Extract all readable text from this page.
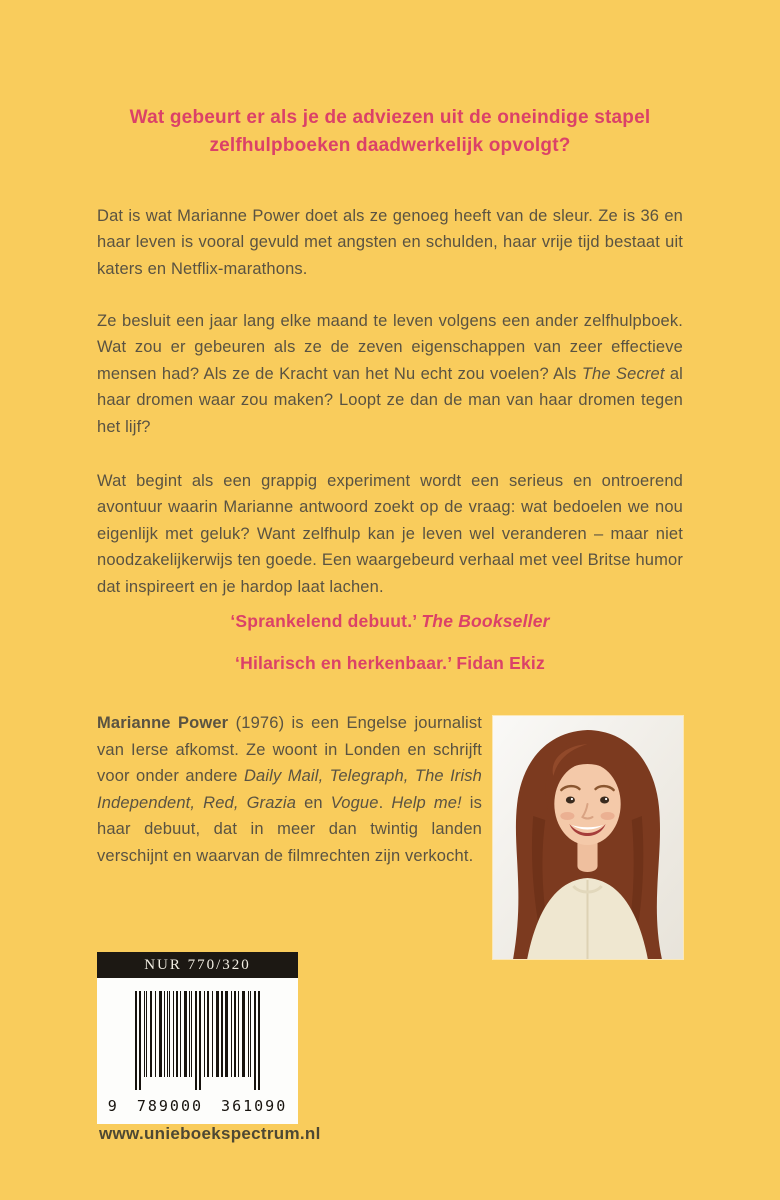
Wat gebeurt er als je de adviezen uit de oneindige stapel
zelfhulpboeken daadwerkelijk opvolgt?

Dat is wat Marianne Power doet als ze genoeg heeft van de sleur. Ze is 36 en haar leven is vooral gevuld met angsten en schulden, haar vrije tijd bestaat uit katers en Netflix-marathons.

Ze besluit een jaar lang elke maand te leven volgens een ander zelfhulpboek. Wat zou er gebeuren als ze de zeven eigenschappen van zeer effectieve mensen had? Als ze de Kracht van het Nu echt zou voelen? Als The Secret al haar dromen waar zou maken? Loopt ze dan de man van haar dromen tegen het lijf?

Wat begint als een grappig experiment wordt een serieus en ontroerend avontuur waarin Marianne antwoord zoekt op de vraag: wat bedoelen we nou eigenlijk met geluk? Want zelfhulp kan je leven wel veranderen – maar niet noodzakelijkerwijs ten goede. Een waargebeurd verhaal met veel Britse humor dat inspireert en je hardop laat lachen.

‘Sprankelend debuut.’ The Bookseller

‘Hilarisch en herkenbaar.’ Fidan Ekiz

Marianne Power (1976) is een Engelse journalist van Ierse afkomst. Ze woont in Londen en schrijft voor onder andere Daily Mail, Telegraph, The Irish Independent, Red, Grazia en Vogue. Help me! is haar debuut, dat in meer dan twintig landen verschijnt en waarvan de filmrechten zijn verkocht.

NUR 770/320
9 789000 361090
www.unieboekspectrum.nl
